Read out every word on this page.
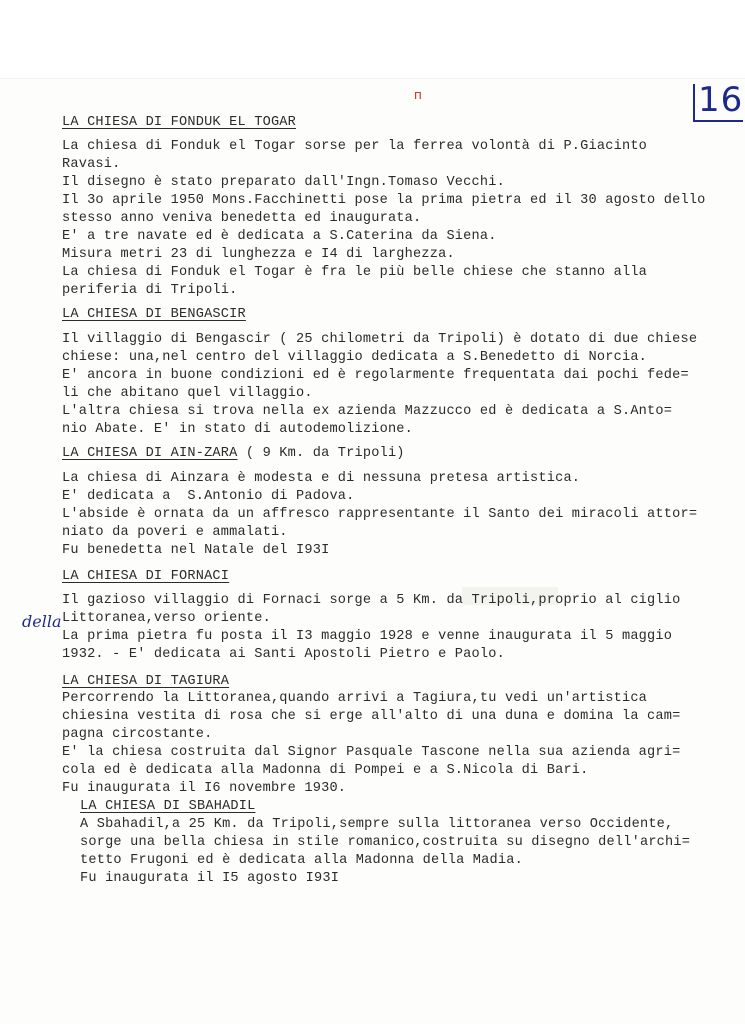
п	16
della
LA CHIESA DI FONDUK EL TOGAR
La chiesa di Fonduk el Togar sorse per la ferrea volontà di P.Giacinto
Ravasi.
Il disegno è stato preparato dall'Ingn.Tomaso Vecchi.
Il 3o aprile 1950 Mons.Facchinetti pose la prima pietra ed il 30 agosto dello
stesso anno veniva benedetta ed inaugurata.
E' a tre navate ed è dedicata a S.Caterina da Siena.
Misura metri 23 di lunghezza e I4 di larghezza.
La chiesa di Fonduk el Togar è fra le più belle chiese che stanno alla
periferia di Tripoli.
LA CHIESA DI BENGASCIR
Il villaggio di Bengascir ( 25 chilometri da Tripoli) è dotato di due chiese
chiese: una,nel centro del villaggio dedicata a S.Benedetto di Norcia.
E' ancora in buone condizioni ed è regolarmente frequentata dai pochi fede=
li che abitano quel villaggio.
L'altra chiesa si trova nella ex azienda Mazzucco ed è dedicata a S.Anto=
nio Abate. E' in stato di autodemolizione.
LA CHIESA DI AIN-ZARA ( 9 Km. da Tripoli)
La chiesa di Ainzara è modesta e di nessuna pretesa artistica.
E' dedicata a  S.Antonio di Padova.
L'abside è ornata da un affresco rappresentante il Santo dei miracoli attor=
niato da poveri e ammalati.
Fu benedetta nel Natale del I93I
LA CHIESA DI FORNACI
Il gazioso villaggio di Fornaci sorge a 5 Km. da Tripoli,proprio al ciglio
Littoranea,verso oriente.
La prima pietra fu posta il I3 maggio 1928 e venne inaugurata il 5 maggio
1932. - E' dedicata ai Santi Apostoli Pietro e Paolo.
LA CHIESA DI TAGIURA
Percorrendo la Littoranea,quando arrivi a Tagiura,tu vedi un'artistica
chiesina vestita di rosa che si erge all'alto di una duna e domina la cam=
pagna circostante.
E' la chiesa costruita dal Signor Pasquale Tascone nella sua azienda agri=
cola ed è dedicata alla Madonna di Pompei e a S.Nicola di Bari.
Fu inaugurata il I6 novembre 1930.
LA CHIESA DI SBAHADIL
A Sbahadil,a 25 Km. da Tripoli,sempre sulla littoranea verso Occidente,
sorge una bella chiesa in stile romanico,costruita su disegno dell'archi=
tetto Frugoni ed è dedicata alla Madonna della Madia.
Fu inaugurata il I5 agosto I93I
